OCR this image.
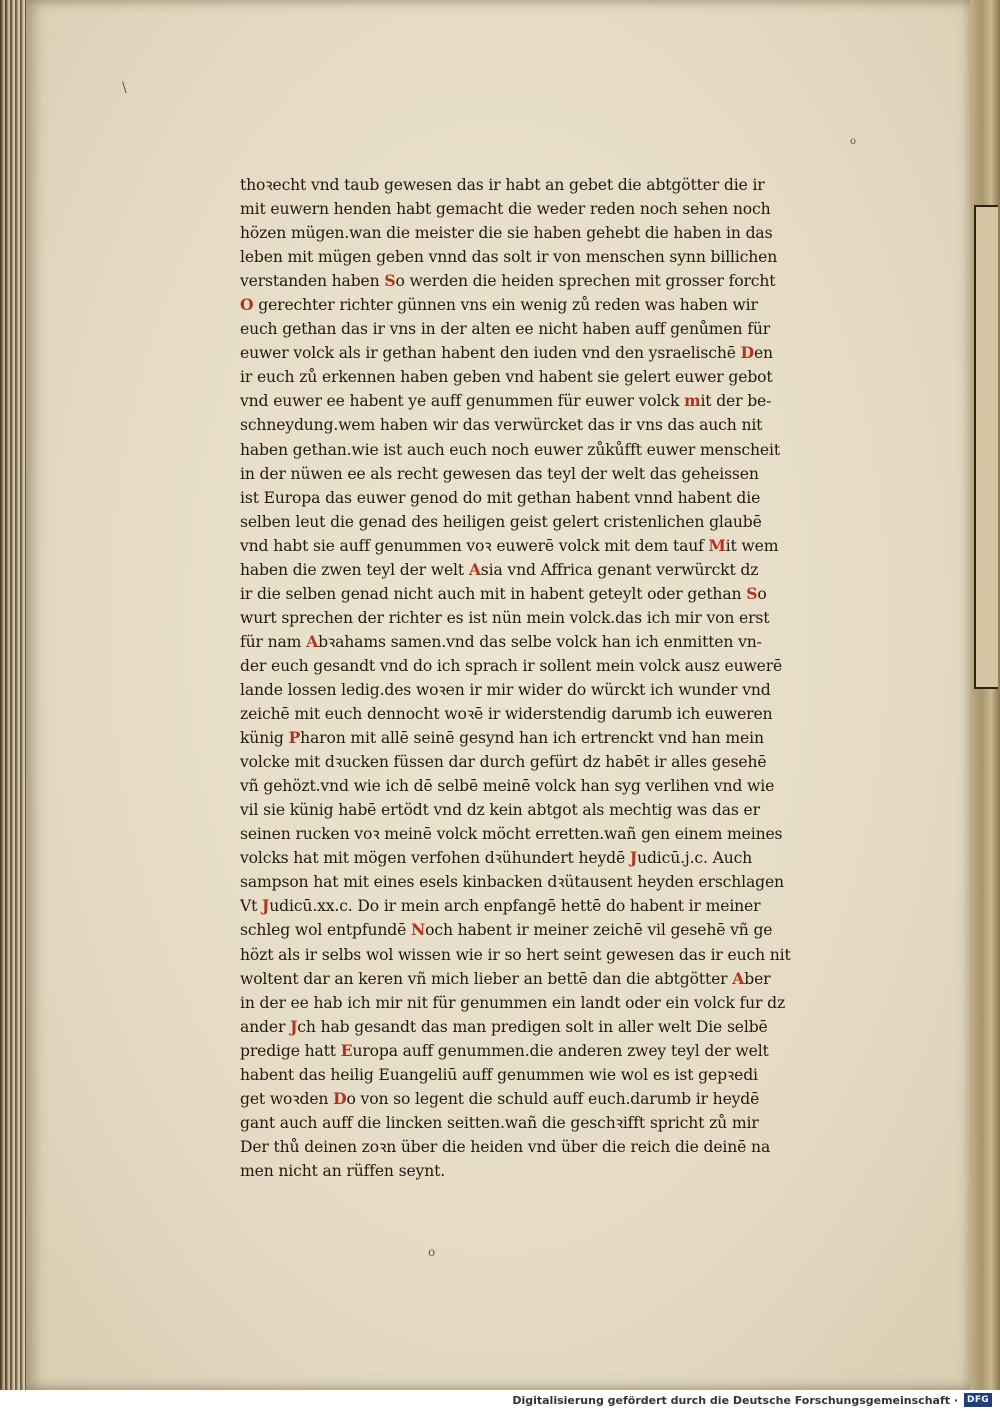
\
o
o
thoꝛecht vnd taub gewesen das ir habt an gebet die abtgötter die ir
mit euwern henden habt gemacht die weder reden noch sehen noch
hözen mügen.wan die meister die sie haben gehebt die haben in das
leben mit mügen geben vnnd das solt ir von menschen synn billichen
verstanden haben So werden die heiden sprechen mit grosser forcht
O gerechter richter günnen vns ein wenig zů reden was haben wir
euch gethan das ir vns in der alten ee nicht haben auff genůmen für
euwer volck als ir gethan habent den iuden vnd den ysraelischē Den
ir euch zů erkennen haben geben vnd habent sie gelert euwer gebot
vnd euwer ee habent ye auff genummen für euwer volck mit der be-
schneydung.wem haben wir das verwürcket das ir vns das auch nit
haben gethan.wie ist auch euch noch euwer zůkůfft euwer menscheit
in der nüwen ee als recht gewesen das teyl der welt das geheissen
ist Europa das euwer genod do mit gethan habent vnnd habent die
selben leut die genad des heiligen geist gelert cristenlichen glaubē
vnd habt sie auff genummen voꝛ euwerē volck mit dem tauf Mit wem
haben die zwen teyl der welt Asia vnd Affrica genant verwürckt dz
ir die selben genad nicht auch mit in habent geteylt oder gethan So
wurt sprechen der richter es ist nün mein volck.das ich mir von erst
für nam Abꝛahams samen.vnd das selbe volck han ich enmitten vn-
der euch gesandt vnd do ich sprach ir sollent mein volck ausz euwerē
lande lossen ledig.des woꝛen ir mir wider do würckt ich wunder vnd
zeichē mit euch dennocht woꝛē ir widerstendig darumb ich euweren
künig Pharon mit allē seinē gesynd han ich ertrenckt vnd han mein
volcke mit dꝛucken füssen dar durch gefürt dz habēt ir alles gesehē
vñ gehözt.vnd wie ich dē selbē meinē volck han syg verlihen vnd wie
vil sie künig habē ertödt vnd dz kein abtgot als mechtig was das er
seinen rucken voꝛ meinē volck möcht erretten.wañ gen einem meines
volcks hat mit mögen verfohen dꝛühundert heydē Judicū.j.c. Auch
sampson hat mit eines esels kinbacken dꝛütausent heyden erschlagen
Vt Judicū.xx.c. Do ir mein arch enpfangē hettē do habent ir meiner
schleg wol entpfundē Noch habent ir meiner zeichē vil gesehē vñ ge
hözt als ir selbs wol wissen wie ir so hert seint gewesen das ir euch nit
woltent dar an keren vñ mich lieber an bettē dan die abtgötter Aber
in der ee hab ich mir nit für genummen ein landt oder ein volck fur dz
ander Jch hab gesandt das man predigen solt in aller welt Die selbē
predige hatt Europa auff genummen.die anderen zwey teyl der welt
habent das heilig Euangeliū auff genummen wie wol es ist gepꝛedi
get woꝛden Do von so legent die schuld auff euch.darumb ir heydē
gant auch auff die lincken seitten.wañ die geschꝛifft spricht zů mir
Der thů deinen zoꝛn über die heiden vnd über die reich die deinē na
men nicht an rüffen seynt.
Digitalisierung gefördert durch die Deutsche Forschungsgemeinschaft ·	DFG
